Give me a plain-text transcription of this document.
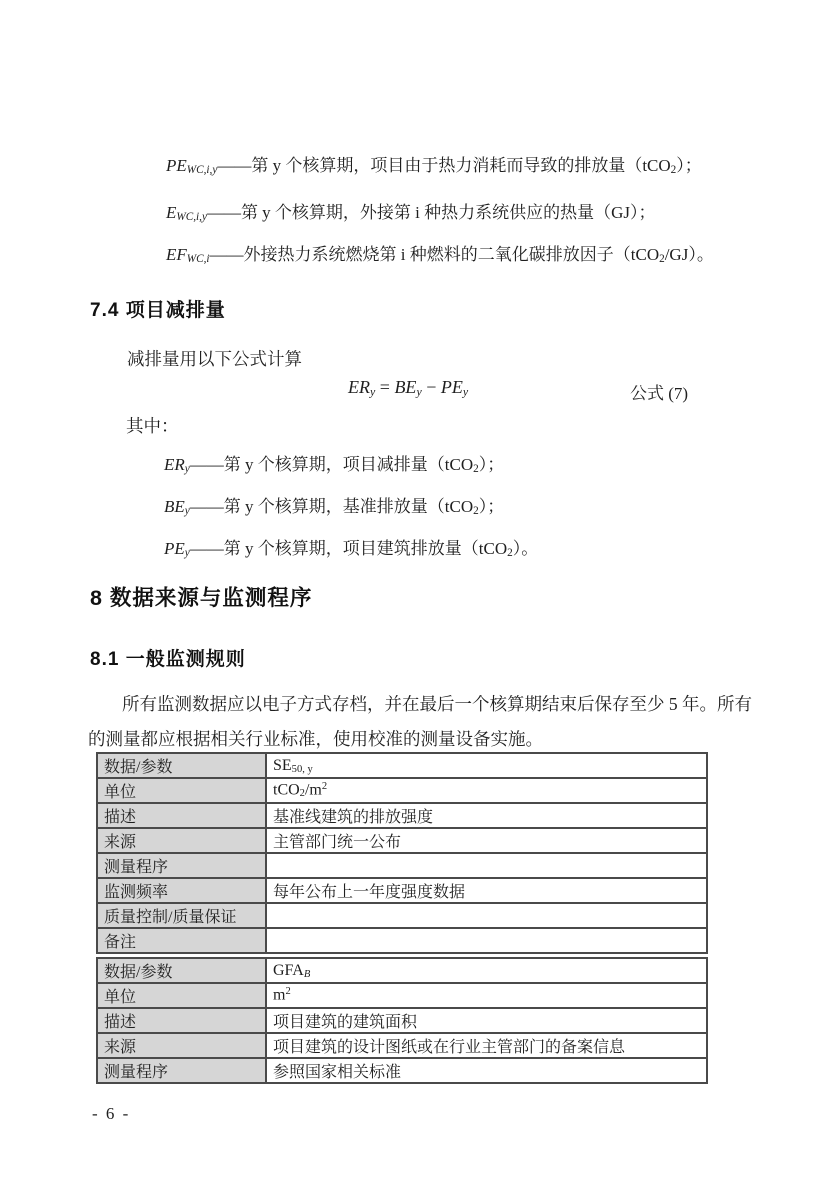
PEWC,i,y——第 y 个核算期，项目由于热力消耗而导致的排放量（tCO2）；
EWC,i,y——第 y 个核算期，外接第 i 种热力系统供应的热量（GJ）；
EFWC,i——外接热力系统燃烧第 i 种燃料的二氧化碳排放因子（tCO2/GJ）。
7.4 项目减排量
减排量用以下公式计算
ERy = BEy − PEy	公式 (7)
其中：
ERy——第 y 个核算期，项目减排量（tCO2）；
BEy——第 y 个核算期，基准排放量（tCO2）；
PEy——第 y 个核算期，项目建筑排放量（tCO2）。
8 数据来源与监测程序
8.1 一般监测规则
所有监测数据应以电子方式存档，并在最后一个核算期结束后保存至少 5 年。所有
的测量都应根据相关行业标准，使用校准的测量设备实施。
数据/参数	SE50, y
单位	$tCO2/m^2$
描述	基准线建筑的排放强度
来源	主管部门统一公布
测量程序	
监测频率	每年公布上一年度强度数据
质量控制/质量保证	
备注	
数据/参数	GFAB
单位	$m^2$
描述	项目建筑的建筑面积
来源	项目建筑的设计图纸或在行业主管部门的备案信息
测量程序	参照国家相关标准
- 6 -
